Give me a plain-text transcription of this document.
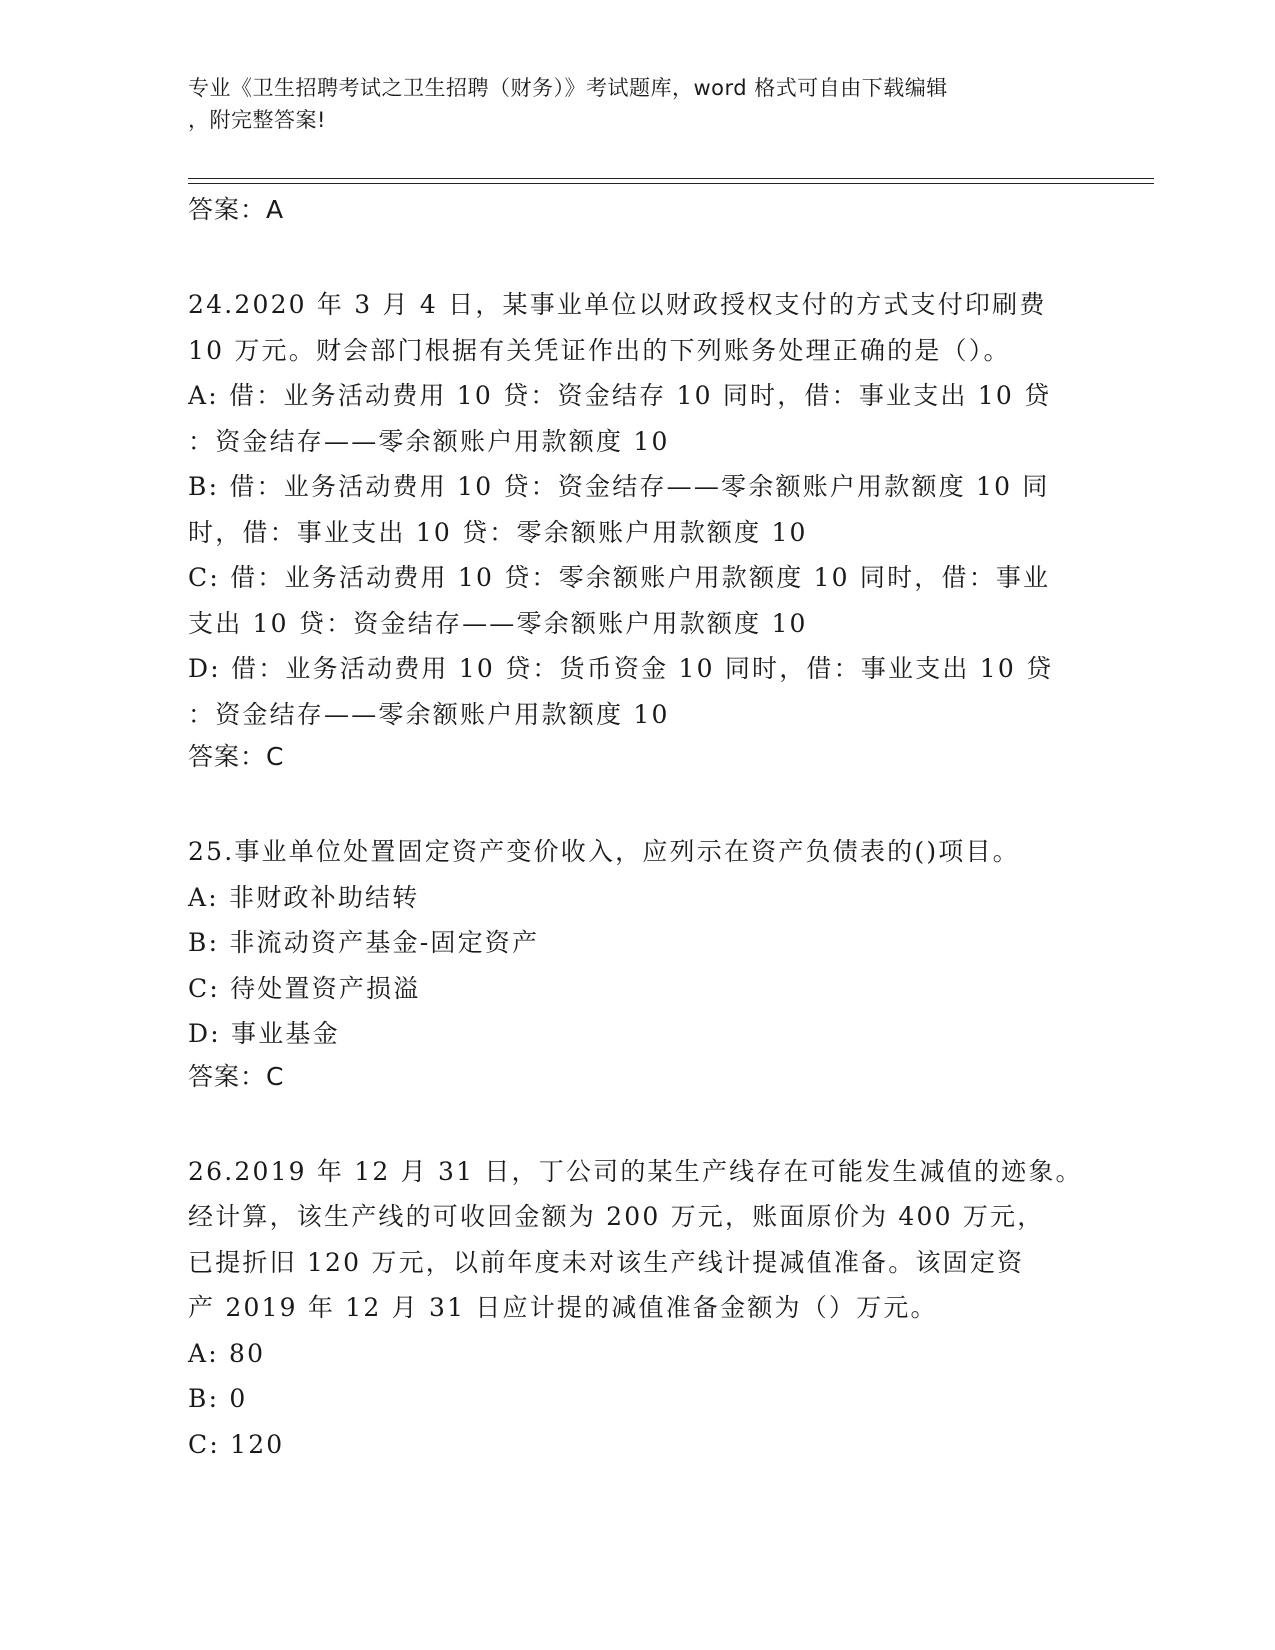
专业《卫生招聘考试之卫生招聘（财务）》考试题库，word 格式可自由下载编辑
，附完整答案!
答案：A
24.2020 年 3 月 4 日，某事业单位以财政授权支付的方式支付印刷费
10 万元。财会部门根据有关凭证作出的下列账务处理正确的是（）。
A: 借：业务活动费用 10 贷：资金结存 10 同时，借：事业支出 10 贷
：资金结存——零余额账户用款额度 10
B: 借：业务活动费用 10 贷：资金结存——零余额账户用款额度 10 同
时，借：事业支出 10 贷：零余额账户用款额度 10
C: 借：业务活动费用 10 贷：零余额账户用款额度 10 同时，借：事业
支出 10 贷：资金结存——零余额账户用款额度 10
D: 借：业务活动费用 10 贷：货币资金 10 同时，借：事业支出 10 贷
：资金结存——零余额账户用款额度 10
答案：C
25.事业单位处置固定资产变价收入，应列示在资产负债表的()项目。
A: 非财政补助结转
B: 非流动资产基金-固定资产
C: 待处置资产损溢
D: 事业基金
答案：C
26.2019 年 12 月 31 日，丁公司的某生产线存在可能发生减值的迹象。
经计算，该生产线的可收回金额为 200 万元，账面原价为 400 万元，
已提折旧 120 万元，以前年度未对该生产线计提减值准备。该固定资
产 2019 年 12 月 31 日应计提的减值准备金额为（）万元。
A: 80
B: 0
C: 120
